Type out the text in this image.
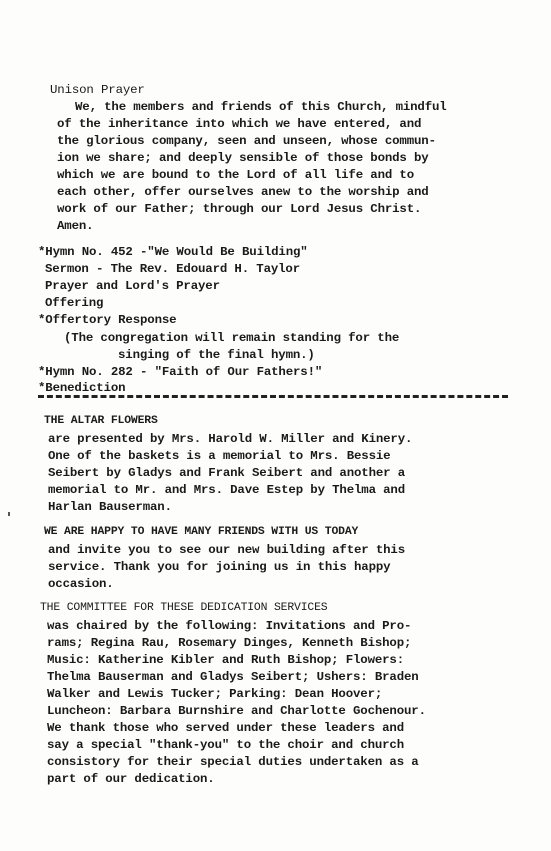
Unison Prayer
We, the members and friends of this Church, mindful
of the inheritance into which we have entered, and
the glorious company, seen and unseen, whose commun-
ion we share; and deeply sensible of those bonds by
which we are bound to the Lord of all life and to
each other, offer ourselves anew to the worship and
work of our Father; through our Lord Jesus Christ.
Amen.
*Hymn No. 452 -"We Would Be Building"
Sermon - The Rev. Edouard H. Taylor
Prayer and Lord's Prayer
Offering
*Offertory Response
(The congregation will remain standing for the
singing of the final hymn.)
*Hymn No. 282 - "Faith of Our Fathers!"
*Benediction
THE ALTAR FLOWERS
are presented by Mrs. Harold W. Miller and Kinery.
One of the baskets is a memorial to Mrs. Bessie
Seibert by Gladys and Frank Seibert and another a
memorial to Mr. and Mrs. Dave Estep by Thelma and
Harlan Bauserman.
WE ARE HAPPY TO HAVE MANY FRIENDS WITH US TODAY
and invite you to see our new building after this
service. Thank you for joining us in this happy
occasion.
THE COMMITTEE FOR THESE DEDICATION SERVICES
was chaired by the following: Invitations and Pro-
rams; Regina Rau, Rosemary Dinges, Kenneth Bishop;
Music: Katherine Kibler and Ruth Bishop; Flowers:
Thelma Bauserman and Gladys Seibert; Ushers: Braden
Walker and Lewis Tucker; Parking: Dean Hoover;
Luncheon: Barbara Burnshire and Charlotte Gochenour.
We thank those who served under these leaders and
say a special "thank-you" to the choir and church
consistory for their special duties undertaken as a
part of our dedication.
